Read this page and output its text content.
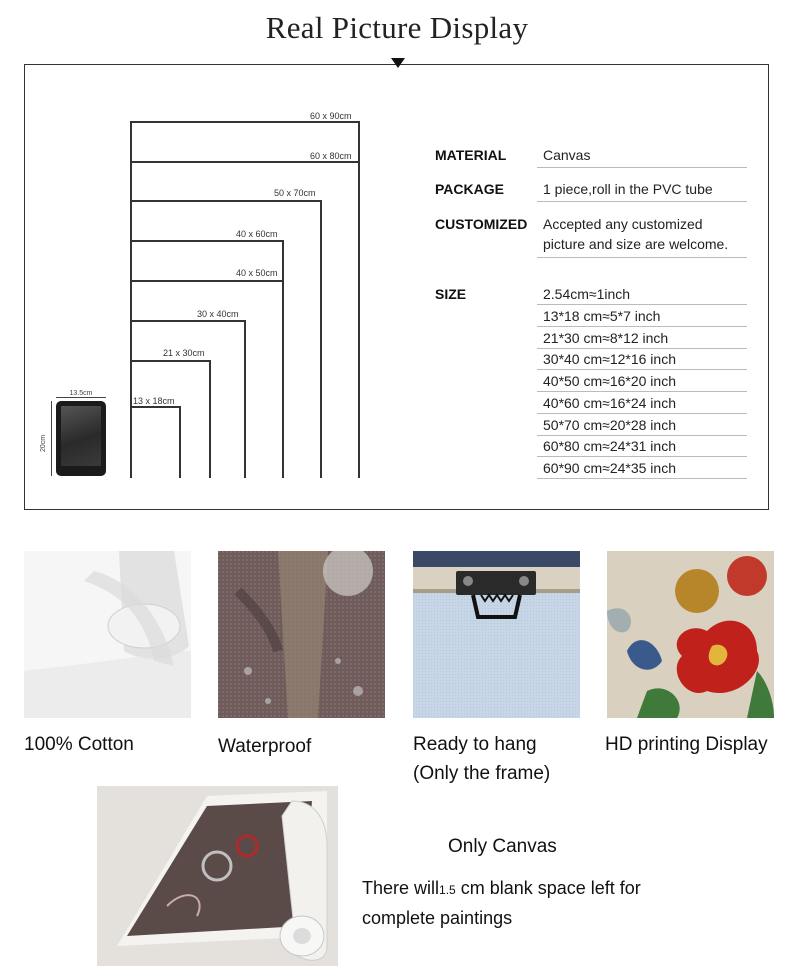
Real Picture Display
60 x 90cm
60 x 80cm
50 x 70cm
40 x 60cm
40 x 50cm
30 x 40cm
21 x 30cm
13 x 18cm
13.5cm
20cm
MATERIAL	Canvas
PACKAGE	1 piece,roll in the PVC tube
CUSTOMIZED Accepted any customized
picture and size are welcome.
SIZE	2.54cm≈1inch
13*18 cm≈5*7 inch
21*30 cm≈8*12 inch
30*40 cm≈12*16 inch
40*50 cm≈16*20 inch
40*60 cm≈16*24 inch
50*70 cm≈20*28 inch
60*80 cm≈24*31 inch
60*90 cm≈24*35 inch
100% Cotton	Waterproof	Ready to hang
(Only the frame)
HD printing Display
Only Canvas
There will1.5 cm blank space left for
complete paintings
